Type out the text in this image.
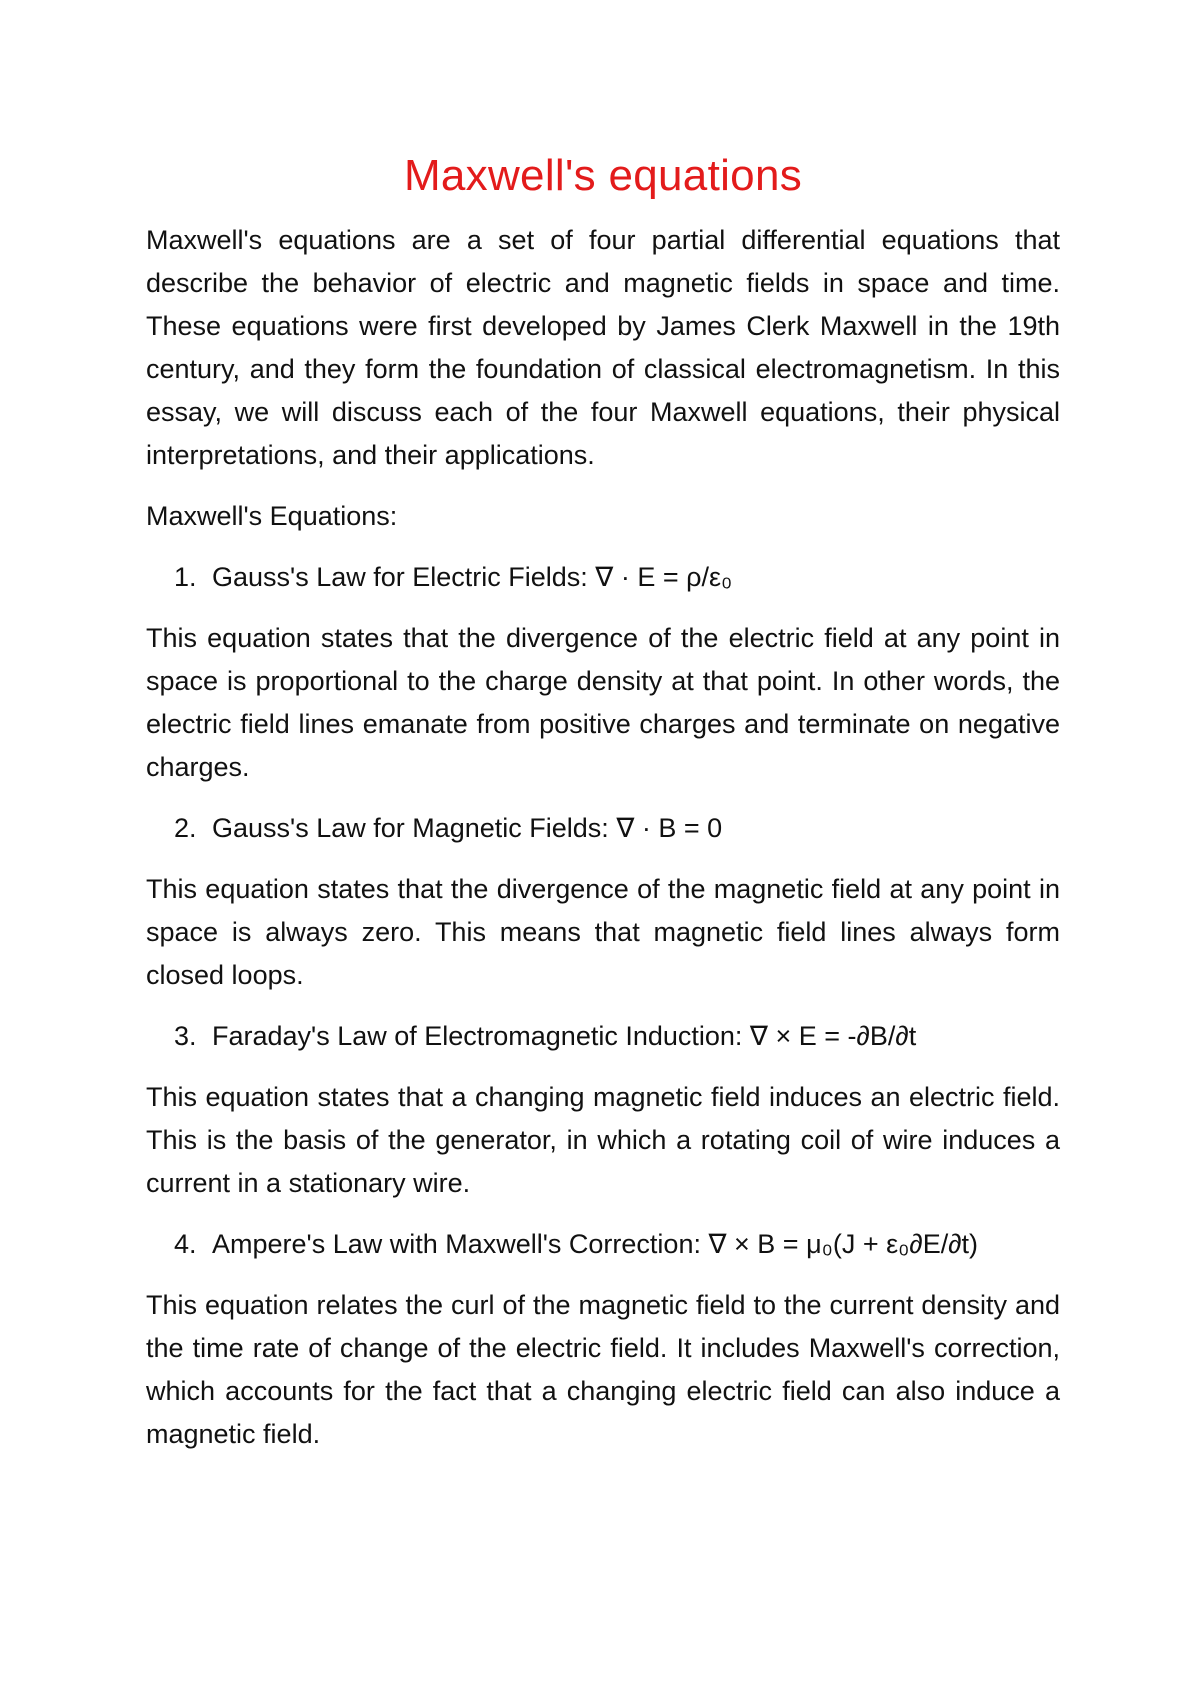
Maxwell's equations

Maxwell's equations are a set of four partial differential equations that describe the behavior of electric and magnetic fields in space and time. These equations were first developed by James Clerk Maxwell in the 19th century, and they form the foundation of classical electromagnetism. In this essay, we will discuss each of the four Maxwell equations, their physical interpretations, and their applications.

Maxwell's Equations:

1. Gauss's Law for Electric Fields: ∇ · E = ρ/ε₀

This equation states that the divergence of the electric field at any point in space is proportional to the charge density at that point. In other words, the electric field lines emanate from positive charges and terminate on negative charges.

2. Gauss's Law for Magnetic Fields: ∇ · B = 0

This equation states that the divergence of the magnetic field at any point in space is always zero. This means that magnetic field lines always form closed loops.

3. Faraday's Law of Electromagnetic Induction: ∇ × E = -∂B/∂t

This equation states that a changing magnetic field induces an electric field. This is the basis of the generator, in which a rotating coil of wire induces a current in a stationary wire.

4. Ampere's Law with Maxwell's Correction: ∇ × B = μ₀(J + ε₀∂E/∂t)

This equation relates the curl of the magnetic field to the current density and the time rate of change of the electric field. It includes Maxwell's correction, which accounts for the fact that a changing electric field can also induce a magnetic field.
